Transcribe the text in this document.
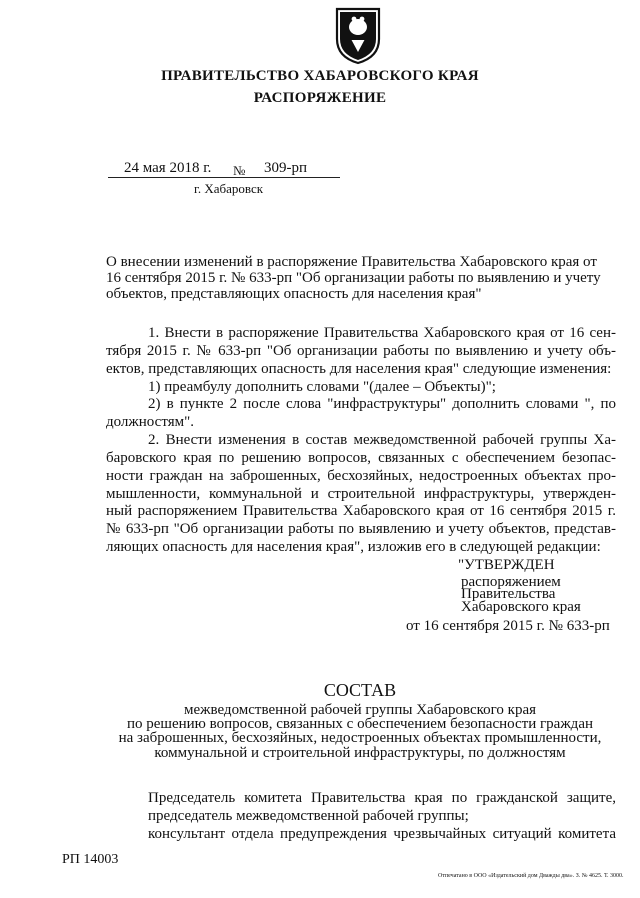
ПРАВИТЕЛЬСТВО ХАБАРОВСКОГО КРАЯ
РАСПОРЯЖЕНИЕ
24 мая 2018 г. № 309-рп
г. Хабаровск
О внесении изменений в распоряжение Правительства Хабаровского края от
16 сентября 2015 г. № 633-рп "Об организации работы по выявлению и учету
объектов, представляющих опасность для населения края"
1. Внести в распоряжение Правительства Хабаровского края от 16 сен-
тября 2015 г. № 633-рп "Об организации работы по выявлению и учету объ-
ектов, представляющих опасность для населения края" следующие изменения:
1) преамбулу дополнить словами "(далее – Объекты)";
2) в пункте 2 после слова "инфраструктуры" дополнить словами ", по
должностям".
2. Внести изменения в состав межведомственной рабочей группы Ха-
баровского края по решению вопросов, связанных с обеспечением безопас-
ности граждан на заброшенных, бесхозяйных, недостроенных объектах про-
мышленности, коммунальной и строительной инфраструктуры, утвержден-
ный распоряжением Правительства Хабаровского края от 16 сентября 2015 г.
№ 633-рп "Об организации работы по выявлению и учету объектов, представ-
ляющих опасность для населения края", изложив его в следующей редакции:
"УТВЕРЖДЕН
распоряжением
Правительства
Хабаровского края
от 16 сентября 2015 г. № 633-рп
СОСТАВ
межведомственной рабочей группы Хабаровского края
по решению вопросов, связанных с обеспечением безопасности граждан
на заброшенных, бесхозяйных, недостроенных объектах промышленности,
коммунальной и строительной инфраструктуры, по должностям
Председатель комитета Правительства края по гражданской защите,
председатель межведомственной рабочей группы;
консультант отдела предупреждения чрезвычайных ситуаций комитета
РП 14003
Отпечатано в ООО «Издательский дом Дважды два». З. № 4625. Т. 3000.
